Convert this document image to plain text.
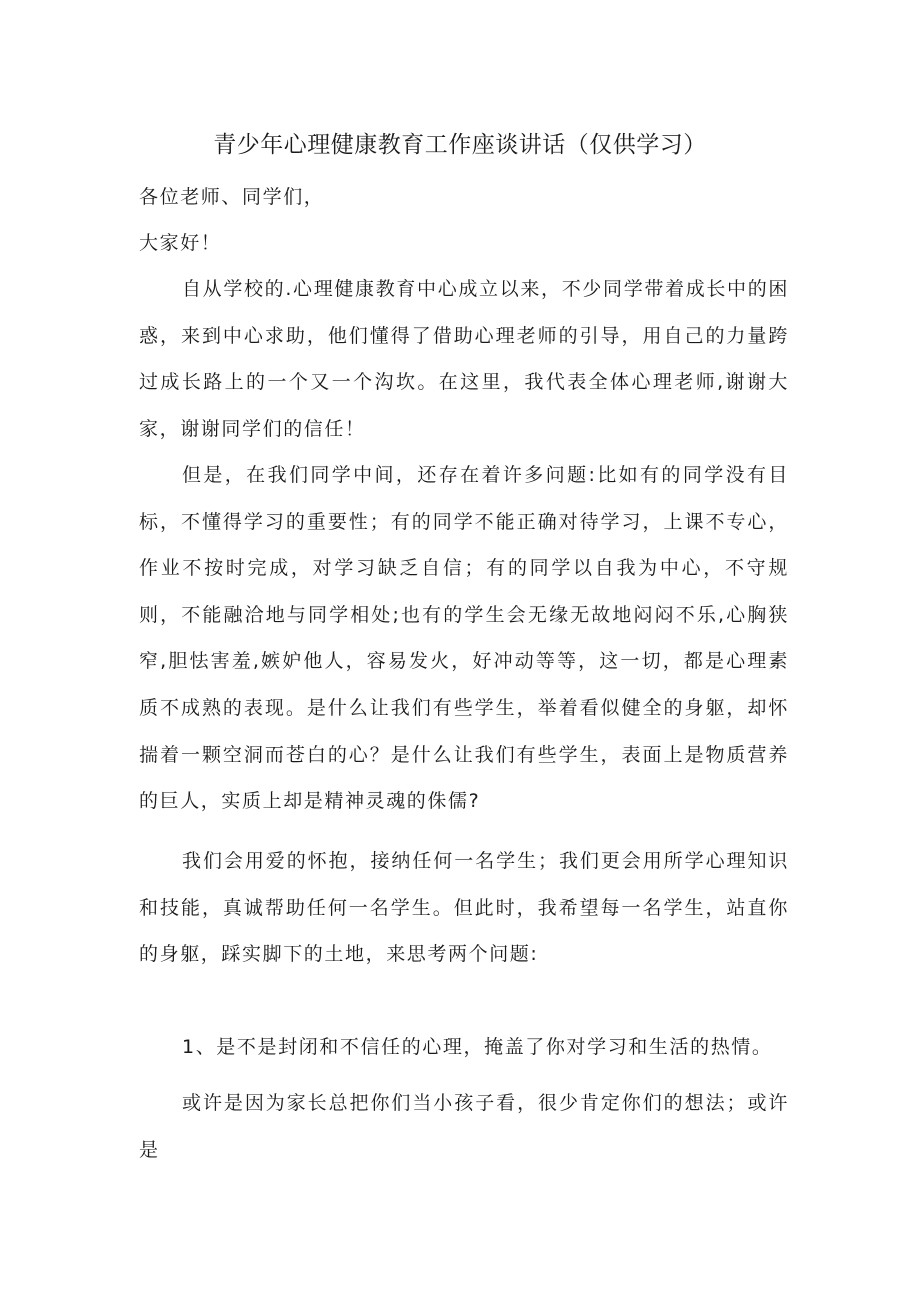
青少年心理健康教育工作座谈讲话（仅供学习）

各位老师、同学们，

大家好！

自从学校的.心理健康教育中心成立以来，不少同学带着成长中的困惑，来到中心求助，他们懂得了借助心理老师的引导，用自己的力量跨过成长路上的一个又一个沟坎。在这里，我代表全体心理老师,谢谢大家，谢谢同学们的信任！

但是，在我们同学中间，还存在着许多问题:比如有的同学没有目标，不懂得学习的重要性；有的同学不能正确对待学习，上课不专心，作业不按时完成，对学习缺乏自信；有的同学以自我为中心，不守规则，不能融洽地与同学相处;也有的学生会无缘无故地闷闷不乐,心胸狭窄,胆怯害羞,嫉妒他人，容易发火，好冲动等等，这一切，都是心理素质不成熟的表现。是什么让我们有些学生，举着看似健全的身躯，却怀揣着一颗空洞而苍白的心？是什么让我们有些学生，表面上是物质营养的巨人，实质上却是精神灵魂的侏儒?

我们会用爱的怀抱，接纳任何一名学生；我们更会用所学心理知识和技能，真诚帮助任何一名学生。但此时，我希望每一名学生，站直你的身躯，踩实脚下的土地，来思考两个问题:

1、是不是封闭和不信任的心理，掩盖了你对学习和生活的热情。

或许是因为家长总把你们当小孩子看，很少肯定你们的想法；或许是
